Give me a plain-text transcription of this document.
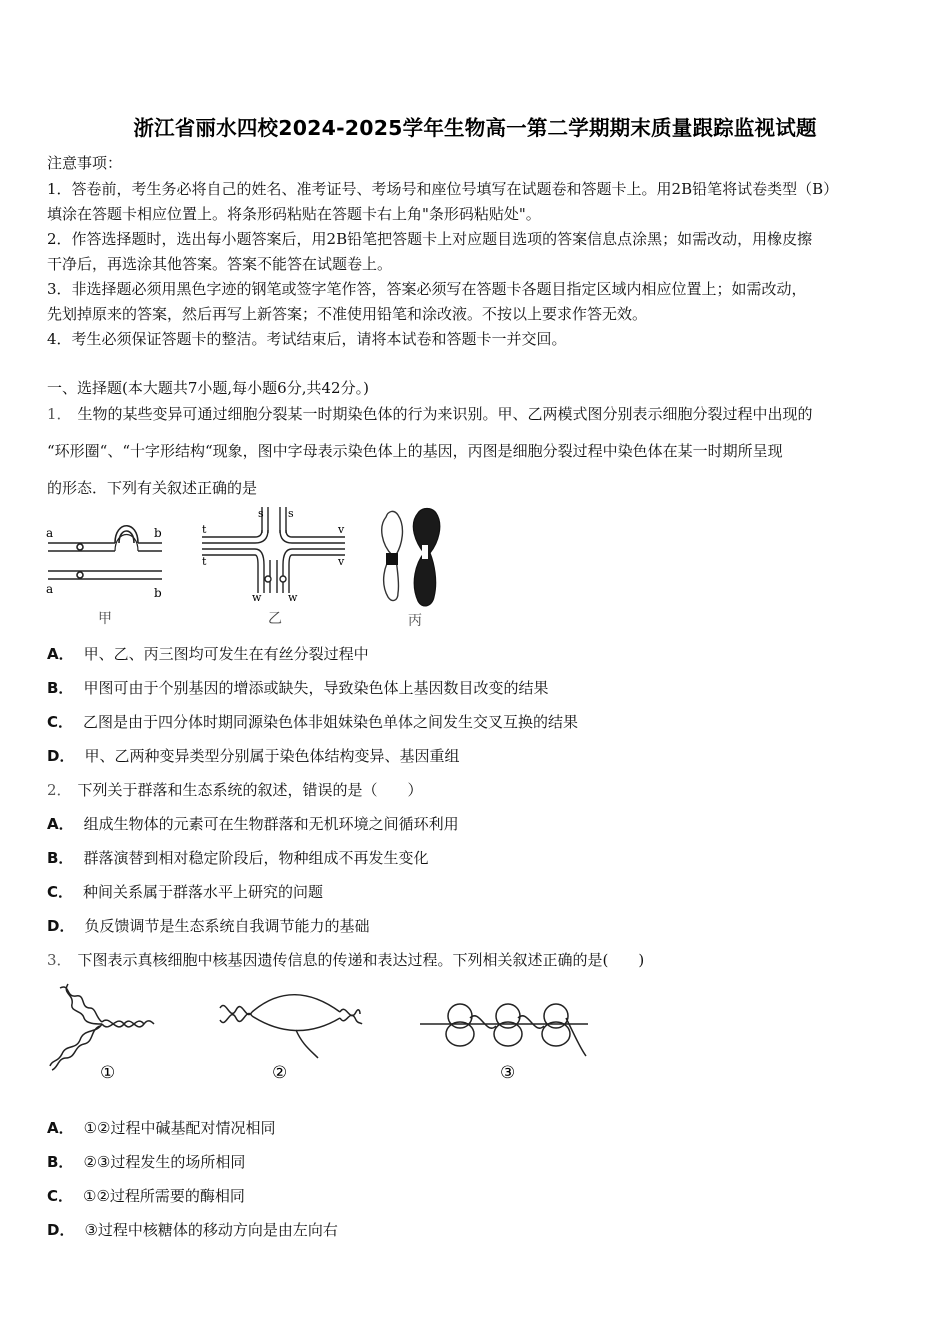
浙江省丽水四校2024-2025学年生物高一第二学期期末质量跟踪监视试题
注意事项：
1．答卷前，考生务必将自己的姓名、准考证号、考场号和座位号填写在试题卷和答题卡上。用2B铅笔将试卷类型（B）
填涂在答题卡相应位置上。将条形码粘贴在答题卡右上角"条形码粘贴处"。
2．作答选择题时，选出每小题答案后，用2B铅笔把答题卡上对应题目选项的答案信息点涂黑；如需改动，用橡皮擦
干净后，再选涂其他答案。答案不能答在试题卷上。
3．非选择题必须用黑色字迹的钢笔或签字笔作答，答案必须写在答题卡各题目指定区域内相应位置上；如需改动，
先划掉原来的答案，然后再写上新答案；不准使用铅笔和涂改液。不按以上要求作答无效。
4．考生必须保证答题卡的整洁。考试结束后，请将本试卷和答题卡一并交回。
一、选择题(本大题共7小题,每小题6分,共42分。)
1． 生物的某些变异可通过细胞分裂某一时期染色体的行为来识别。甲、乙两模式图分别表示细胞分裂过程中出现的
“环形圈“、“十字形结构“现象，图中字母表示染色体上的基因，丙图是细胞分裂过程中染色体在某一时期所呈现
的形态．下列有关叙述正确的是
a	b
a	b
甲
s s
t
t
v
v
w w
乙	丙
A． 甲、乙、丙三图均可发生在有丝分裂过程中
B． 甲图可由于个别基因的增添或缺失，导致染色体上基因数目改变的结果
C． 乙图是由于四分体时期同源染色体非姐妹染色单体之间发生交叉互换的结果
D． 甲、乙两种变异类型分别属于染色体结构变异、基因重组
2． 下列关于群落和生态系统的叙述，错误的是（　　）
A． 组成生物体的元素可在生物群落和无机环境之间循环利用
B． 群落演替到相对稳定阶段后，物种组成不再发生变化
C． 种间关系属于群落水平上研究的问题
D． 负反馈调节是生态系统自我调节能力的基础
3． 下图表示真核细胞中核基因遗传信息的传递和表达过程。下列相关叙述正确的是(　　)
①	②	③
A． ①②过程中碱基配对情况相同
B． ②③过程发生的场所相同
C． ①②过程所需要的酶相同
D． ③过程中核糖体的移动方向是由左向右
